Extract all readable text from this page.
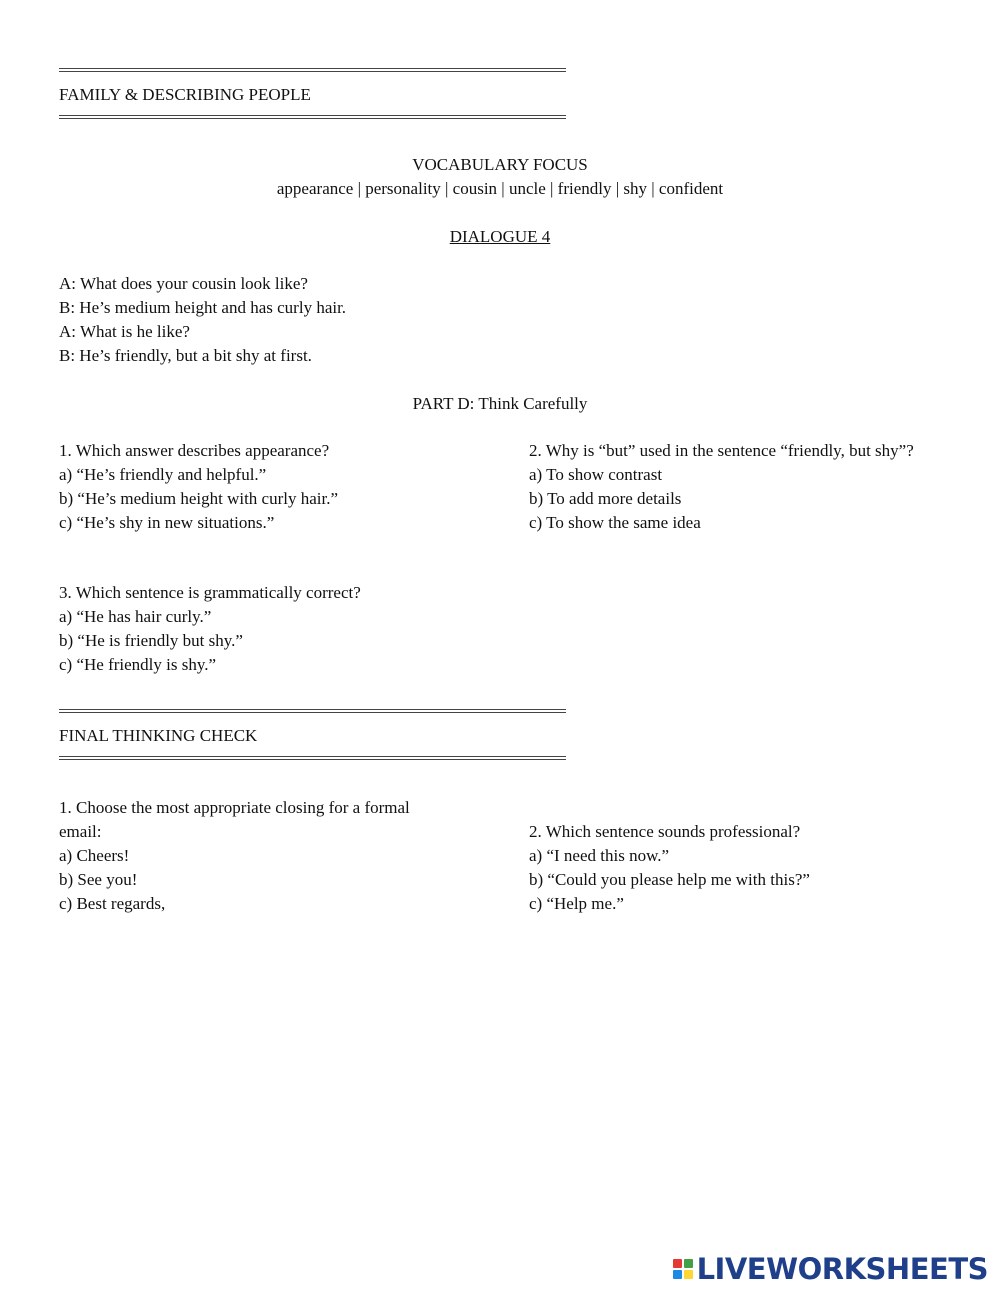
FAMILY & DESCRIBING PEOPLE
VOCABULARY FOCUS
appearance | personality | cousin | uncle | friendly | shy | confident
DIALOGUE 4
A: What does your cousin look like?
B: He’s medium height and has curly hair.
A: What is he like?
B: He’s friendly, but a bit shy at first.
PART D: Think Carefully
1. Which answer describes appearance?
a) “He’s friendly and helpful.”
b) “He’s medium height with curly hair.”
c) “He’s shy in new situations.”
2. Why is “but” used in the sentence “friendly, but shy”?
a) To show contrast
b) To add more details
c) To show the same idea
3. Which sentence is grammatically correct?
a) “He has hair curly.”
b) “He is friendly but shy.”
c) “He friendly is shy.”
FINAL THINKING CHECK
1. Choose the most appropriate closing for a formal
email:
a) Cheers!
b) See you!
c) Best regards,
2. Which sentence sounds professional?
a) “I need this now.”
b) “Could you please help me with this?”
c) “Help me.”
LIVEWORKSHEETS
